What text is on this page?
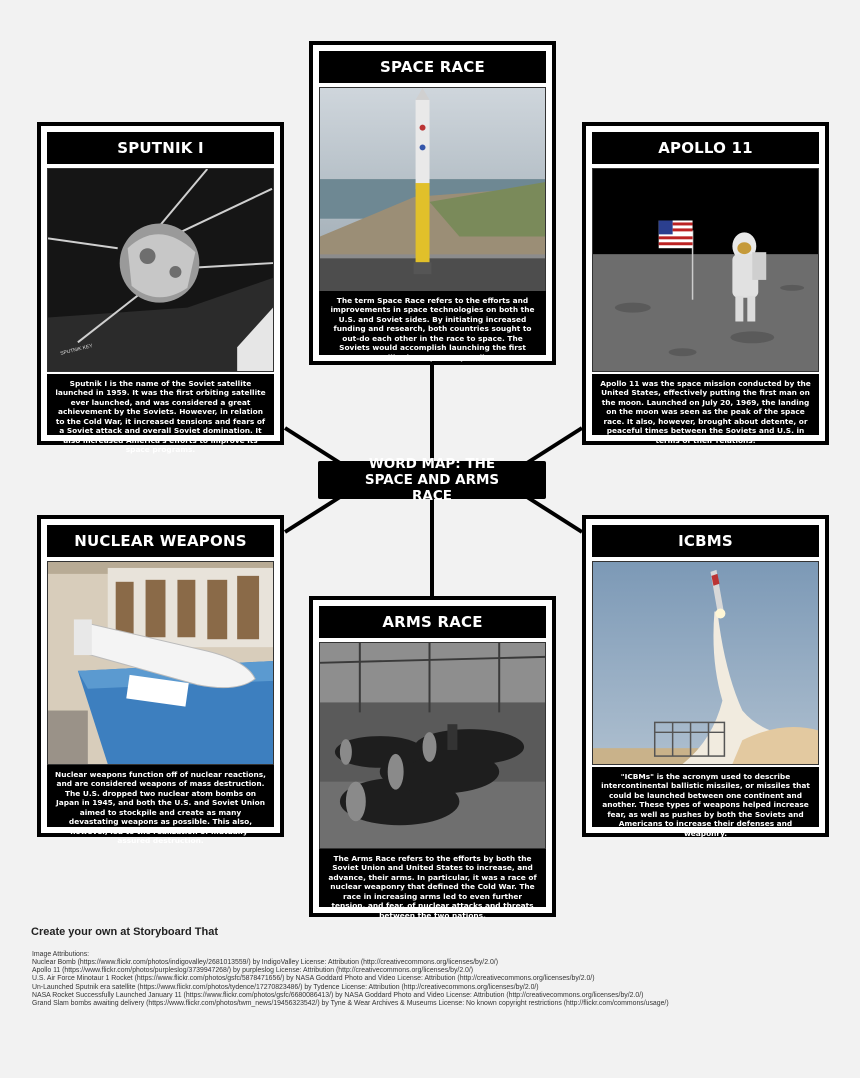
SPACE RACE
The term Space Race refers to the efforts and improvements in space technologies on both the U.S. and Soviet sides. By initiating increased funding and research, both countries sought to out-do each other in the race to space. The Soviets would accomplish launching the first satellite into space, Sputnik I.
SPUTNIK I
SPUTNIK KEY
Sputnik I is the name of the Soviet satellite launched in 1959. It was the first orbiting satellite ever launched, and was considered a great achievement by the Soviets. However, in relation to the Cold War, it increased tensions and fears of a Soviet attack and overall Soviet domination. It also increased America's efforts to improve its space programs.
APOLLO 11
Apollo 11 was the space mission conducted by the United States, effectively putting the first man on the moon. Launched on July 20, 1969, the landing on the moon was seen as the peak of the space race. It also, however, brought about detente, or peaceful times between the Soviets and U.S. in terms of their relations.
NUCLEAR WEAPONS
Nuclear weapons function off of nuclear reactions, and are considered weapons of mass destruction. The U.S. dropped two nuclear atom bombs on Japan in 1945, and both the U.S. and Soviet Union aimed to stockpile and create as many devastating weapons as possible. This also, however, led to the realization of mutually-assured destruction.
ARMS RACE
The Arms Race refers to the efforts by both the Soviet Union and United States to increase, and advance, their arms. In particular, it was a race of nuclear weaponry that defined the Cold War. The race in increasing arms led to even further tension, and fear, of nuclear attacks and threats between the two nations.
ICBMS
"ICBMs" is the acronym used to describe intercontinental ballistic missiles, or missiles that could be launched between one continent and another. These types of weapons helped increase fear, as well as pushes by both the Soviets and Americans to increase their defenses and weaponry.
WORD MAP: THE SPACE AND ARMS RACE
Create your own at Storyboard That
Image Attributions:
Nuclear Bomb (https://www.flickr.com/photos/indigovalley/2681013559/) by IndigoValley License: Attribution (http://creativecommons.org/licenses/by/2.0/)
Apollo 11 (https://www.flickr.com/photos/purpleslog/3739947268/) by purpleslog License: Attribution (http://creativecommons.org/licenses/by/2.0/)
U.S. Air Force Minotaur 1 Rocket (https://www.flickr.com/photos/gsfc/5878471656/) by NASA Goddard Photo and Video License: Attribution (http://creativecommons.org/licenses/by/2.0/)
Un-Launched Sputnik era satellite (https://www.flickr.com/photos/tydence/17270823486/) by Tydence License: Attribution (http://creativecommons.org/licenses/by/2.0/)
NASA Rocket Successfully Launched January 11 (https://www.flickr.com/photos/gsfc/6680086413/) by NASA Goddard Photo and Video License: Attribution (http://creativecommons.org/licenses/by/2.0/)
Grand Slam bombs awaiting delivery (https://www.flickr.com/photos/twm_news/19456323542/) by Tyne & Wear Archives & Museums License: No known copyright restrictions (http://flickr.com/commons/usage/)
